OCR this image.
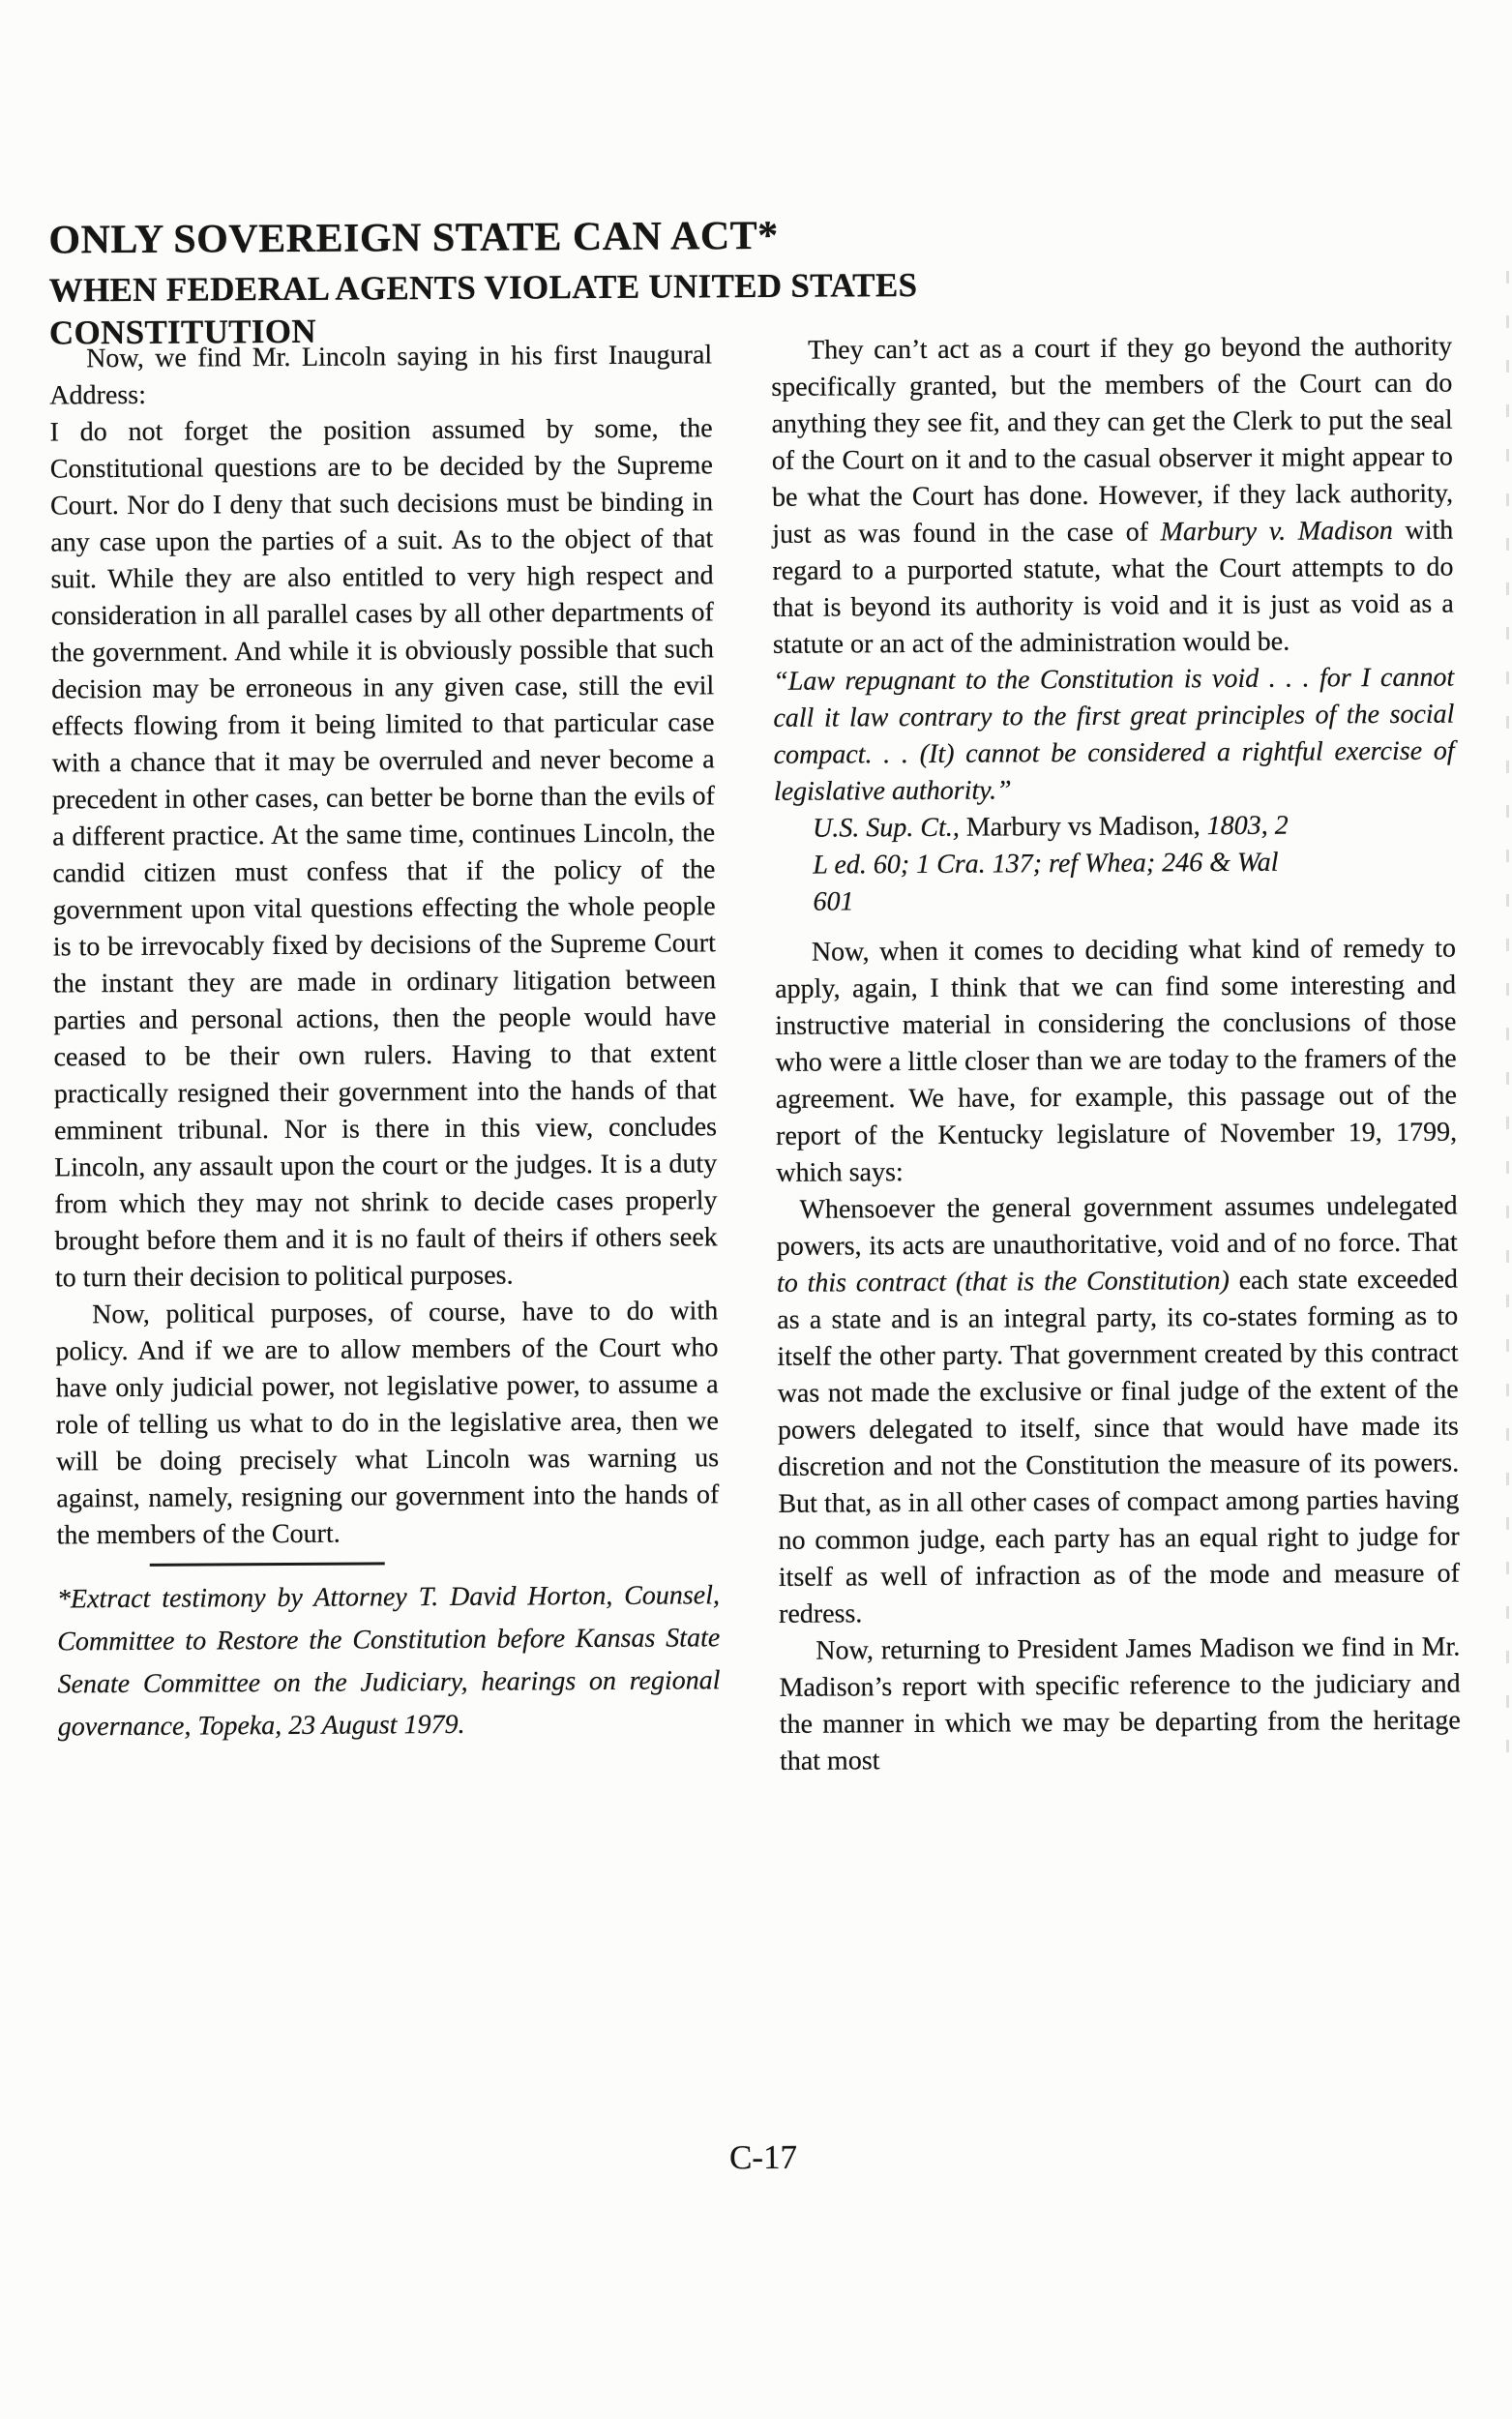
ONLY SOVEREIGN STATE CAN ACT*
WHEN FEDERAL AGENTS VIOLATE UNITED STATES CONSTITUTION

Now, we find Mr. Lincoln saying in his first Inaugural Address:

I do not forget the position assumed by some, the Constitutional questions are to be decided by the Supreme Court. Nor do I deny that such decisions must be binding in any case upon the parties of a suit. As to the object of that suit. While they are also entitled to very high respect and consideration in all parallel cases by all other departments of the government. And while it is obviously possible that such decision may be erroneous in any given case, still the evil effects flowing from it being limited to that particular case with a chance that it may be overruled and never become a precedent in other cases, can better be borne than the evils of a different practice. At the same time, continues Lincoln, the candid citizen must confess that if the policy of the government upon vital questions effecting the whole people is to be irrevocably fixed by decisions of the Supreme Court the instant they are made in ordinary litigation between parties and personal actions, then the people would have ceased to be their own rulers. Having to that extent practically resigned their government into the hands of that emminent tribunal. Nor is there in this view, concludes Lincoln, any assault upon the court or the judges. It is a duty from which they may not shrink to decide cases properly brought before them and it is no fault of theirs if others seek to turn their decision to political purposes.

Now, political purposes, of course, have to do with policy. And if we are to allow members of the Court who have only judicial power, not legislative power, to assume a role of telling us what to do in the legislative area, then we will be doing precisely what Lincoln was warning us against, namely, resigning our government into the hands of the members of the Court.

*Extract testimony by Attorney T. David Horton, Counsel, Committee to Restore the Constitution before Kansas State Senate Committee on the Judiciary, hearings on regional governance, Topeka, 23 August 1979.

They can’t act as a court if they go beyond the authority specifically granted, but the members of the Court can do anything they see fit, and they can get the Clerk to put the seal of the Court on it and to the casual observer it might appear to be what the Court has done. However, if they lack authority, just as was found in the case of Marbury v. Madison with regard to a purported statute, what the Court attempts to do that is beyond its authority is void and it is just as void as a statute or an act of the administration would be.

“Law repugnant to the Constitution is void . . . for I cannot call it law contrary to the first great principles of the social compact. . . (It) cannot be considered a rightful exercise of legislative authority.”

U.S. Sup. Ct., Marbury vs Madison, 1803, 2
L ed. 60; 1 Cra. 137; ref Whea; 246 & Wal
601

Now, when it comes to deciding what kind of remedy to apply, again, I think that we can find some interesting and instructive material in considering the conclusions of those who were a little closer than we are today to the framers of the agreement. We have, for example, this passage out of the report of the Kentucky legislature of November 19, 1799, which says:

Whensoever the general government assumes undelegated powers, its acts are unauthoritative, void and of no force. That to this contract (that is the Constitution) each state exceeded as a state and is an integral party, its co-states forming as to itself the other party. That government created by this contract was not made the exclusive or final judge of the extent of the powers delegated to itself, since that would have made its discretion and not the Constitution the measure of its powers. But that, as in all other cases of compact among parties having no common judge, each party has an equal right to judge for itself as well of infraction as of the mode and measure of redress.

Now, returning to President James Madison we find in Mr. Madison’s report with specific reference to the judiciary and the manner in which we may be departing from the heritage that most

C-17
